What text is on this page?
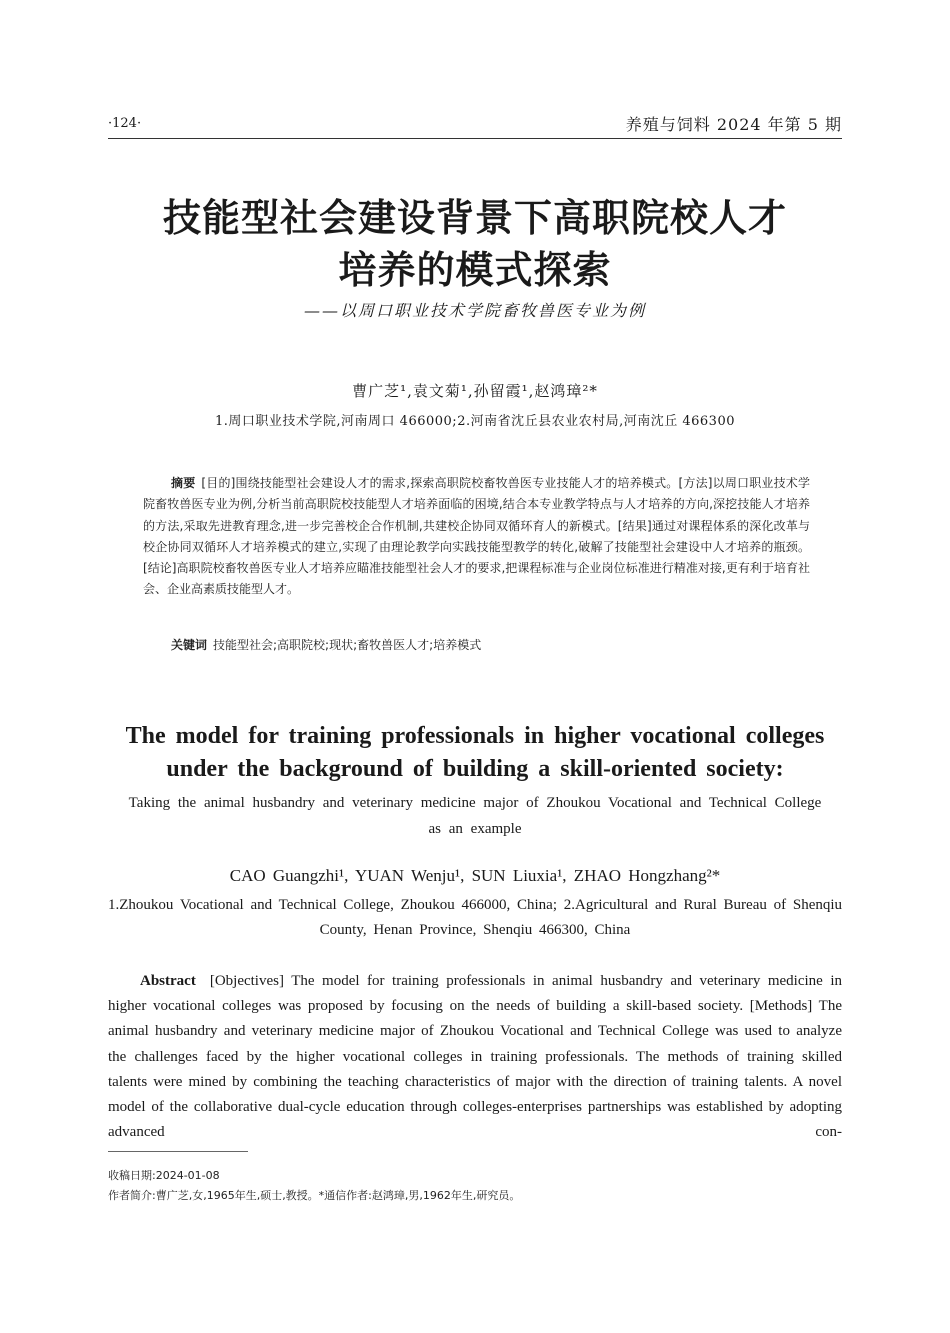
·124·	养殖与饲料 2024 年第 5 期
技能型社会建设背景下高职院校人才
培养的模式探索
——以周口职业技术学院畜牧兽医专业为例
曹广芝¹,袁文菊¹,孙留霞¹,赵鸿璋²*
1.周口职业技术学院,河南周口 466000;2.河南省沈丘县农业农村局,河南沈丘 466300
摘要 [目的]围绕技能型社会建设人才的需求,探索高职院校畜牧兽医专业技能人才的培养模式。[方法]以周口职业技术学院畜牧兽医专业为例,分析当前高职院校技能型人才培养面临的困境,结合本专业教学特点与人才培养的方向,深挖技能人才培养的方法,采取先进教育理念,进一步完善校企合作机制,共建校企协同双循环育人的新模式。[结果]通过对课程体系的深化改革与校企协同双循环人才培养模式的建立,实现了由理论教学向实践技能型教学的转化,破解了技能型社会建设中人才培养的瓶颈。[结论]高职院校畜牧兽医专业人才培养应瞄准技能型社会人才的要求,把课程标准与企业岗位标准进行精准对接,更有利于培育社会、企业高素质技能型人才。
关键词 技能型社会;高职院校;现状;畜牧兽医人才;培养模式
The model for training professionals in higher vocational colleges
under the background of building a skill-oriented society:
Taking the animal husbandry and veterinary medicine major of Zhoukou Vocational and Technical College as an example
CAO Guangzhi¹, YUAN Wenju¹, SUN Liuxia¹, ZHAO Hongzhang²*
1.Zhoukou Vocational and Technical College, Zhoukou 466000, China; 2.Agricultural and Rural Bureau of Shenqiu County, Henan Province, Shenqiu 466300, China
Abstract [Objectives] The model for training professionals in animal husbandry and veterinary medicine in higher vocational colleges was proposed by focusing on the needs of building a skill-based society. [Methods] The animal husbandry and veterinary medicine major of Zhoukou Vocational and Technical College was used to analyze the challenges faced by the higher vocational colleges in training professionals. The methods of training skilled talents were mined by combining the teaching characteristics of major with the direction of training talents. A novel model of the collaborative dual-cycle education through colleges-enterprises partnerships was established by adopting advanced con-
收稿日期:2024-01-08
作者简介:曹广芝,女,1965年生,硕士,教授。*通信作者:赵鸿璋,男,1962年生,研究员。
